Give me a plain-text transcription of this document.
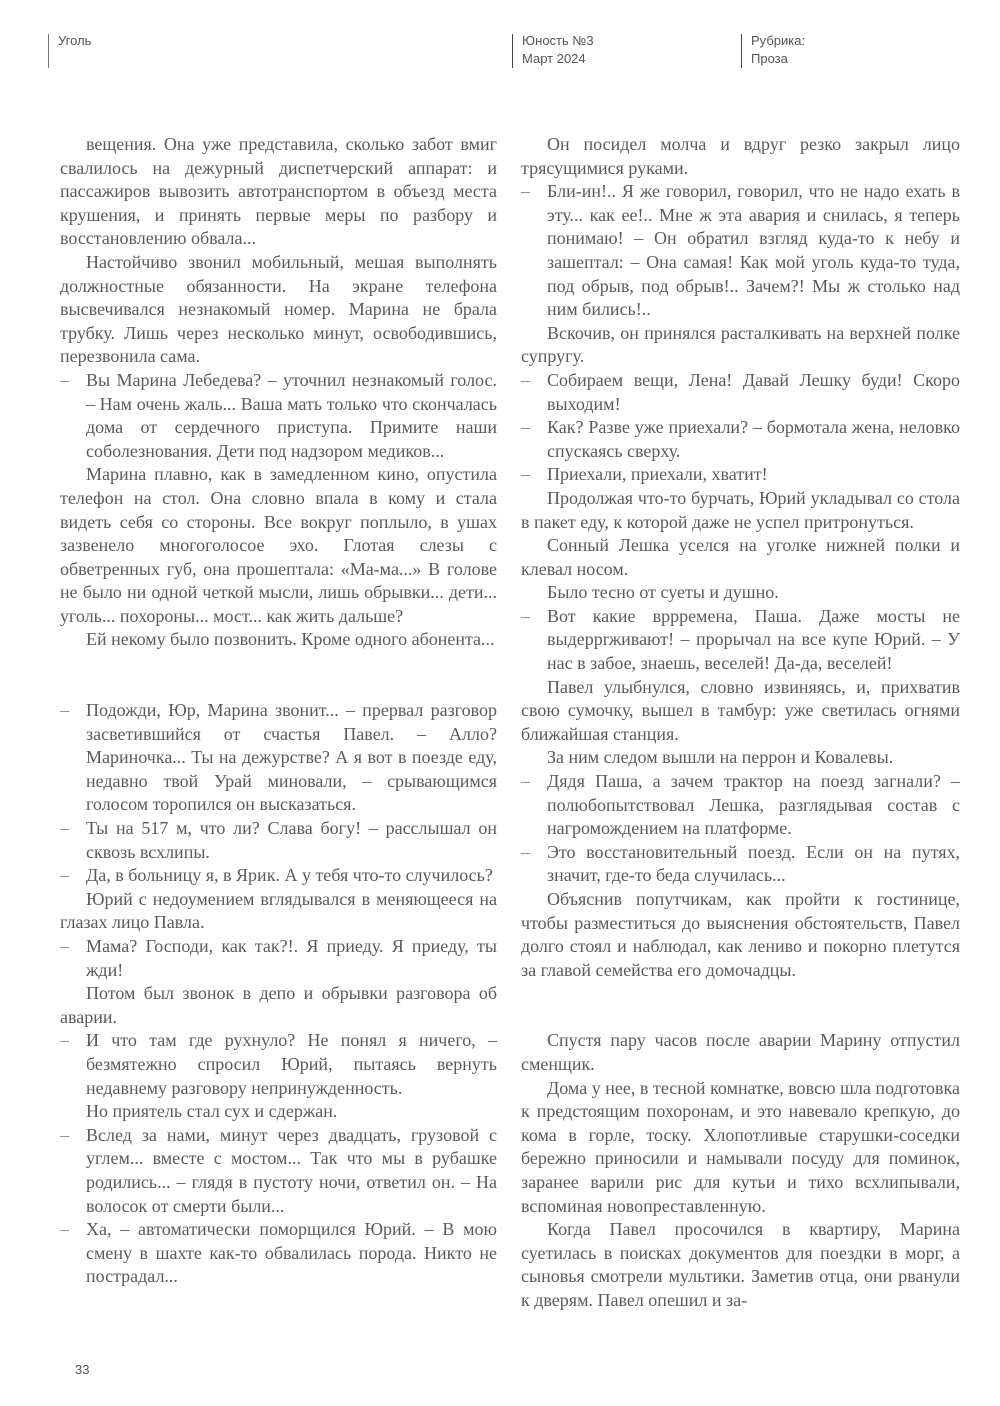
Уголь	Юность №3
Март 2024
Рубрика:
Проза
вещения. Она уже представила, сколько забот вмиг свалилось на дежурный диспетчерский аппарат: и пассажиров вывозить автотранспортом в объезд места крушения, и принять первые меры по разбору и восстановлению обвала...
Настойчиво звонил мобильный, мешая выполнять должностные обязанности. На экране телефона высвечивался незнакомый номер. Марина не брала трубку. Лишь через несколько минут, освободившись, перезвонила сама.
– Вы Марина Лебедева? – уточнил незнакомый голос. – Нам очень жаль... Ваша мать только что скончалась дома от сердечного приступа. Примите наши соболезнования. Дети под надзором медиков...
Марина плавно, как в замедленном кино, опустила телефон на стол. Она словно впала в кому и стала видеть себя со стороны. Все вокруг поплыло, в ушах зазвенело многоголосое эхо. Глотая слезы с обветренных губ, она прошептала: «Ма-ма...» В голове не было ни одной четкой мысли, лишь обрывки... дети... уголь... похороны... мост... как жить дальше?
Ей некому было позвонить. Кроме одного абонента...
– Подожди, Юр, Марина звонит... – прервал разговор засветившийся от счастья Павел. – Алло? Мариночка... Ты на дежурстве? А я вот в поезде еду, недавно твой Урай миновали, – срывающимся голосом торопился он высказаться.
– Ты на 517 м, что ли? Слава богу! – расслышал он сквозь всхлипы.
– Да, в больницу я, в Ярик. А у тебя что-то случилось?
Юрий с недоумением вглядывался в меняющееся на глазах лицо Павла.
– Мама? Господи, как так?!. Я приеду. Я приеду, ты жди!
Потом был звонок в депо и обрывки разговора об аварии.
– И что там где рухнуло? Не понял я ничего, – безмятежно спросил Юрий, пытаясь вернуть недавнему разговору непринужденность.
Но приятель стал сух и сдержан.
– Вслед за нами, минут через двадцать, грузовой с углем... вместе с мостом... Так что мы в рубашке родились... – глядя в пустоту ночи, ответил он. – На волосок от смерти были...
– Ха, – автоматически поморщился Юрий. – В мою смену в шахте как-то обвалилась порода. Никто не пострадал...
Он посидел молча и вдруг резко закрыл лицо трясущимися руками.
– Бли-ин!.. Я же говорил, говорил, что не надо ехать в эту... как ее!.. Мне ж эта авария и снилась, я теперь понимаю! – Он обратил взгляд куда-то к небу и зашептал: – Она самая! Как мой уголь куда-то туда, под обрыв, под обрыв!.. Зачем?! Мы ж столько над ним бились!..
Вскочив, он принялся расталкивать на верхней полке супругу.
– Собираем вещи, Лена! Давай Лешку буди! Скоро выходим!
– Как? Разве уже приехали? – бормотала жена, неловко спускаясь сверху.
– Приехали, приехали, хватит!
Продолжая что-то бурчать, Юрий укладывал со стола в пакет еду, к которой даже не успел притронуться.
Сонный Лешка уселся на уголке нижней полки и клевал носом.
Было тесно от суеты и душно.
– Вот какие вррремена, Паша. Даже мосты не выдеррrживают! – прорычал на все купе Юрий. – У нас в забое, знаешь, веселей! Да-да, веселей!
Павел улыбнулся, словно извиняясь, и, прихватив свою сумочку, вышел в тамбур: уже светилась огнями ближайшая станция.
За ним следом вышли на перрон и Ковалевы.
– Дядя Паша, а зачем трактор на поезд загнали? – полюбопытствовал Лешка, разглядывая состав с нагромождением на платформе.
– Это восстановительный поезд. Если он на путях, значит, где-то беда случилась...
Объяснив попутчикам, как пройти к гостинице, чтобы разместиться до выяснения обстоятельств, Павел долго стоял и наблюдал, как лениво и покорно плетутся за главой семейства его домочадцы.
Спустя пару часов после аварии Марину отпустил сменщик.
Дома у нее, в тесной комнатке, вовсю шла подготовка к предстоящим похоронам, и это навевало крепкую, до кома в горле, тоску. Хлопотливые старушки-соседки бережно приносили и намывали посуду для поминок, заранее варили рис для кутьи и тихо всхлипывали, вспоминая новопреставленную.
Когда Павел просочился в квартиру, Марина суетилась в поисках документов для поездки в морг, а сыновья смотрели мультики. Заметив отца, они рванули к дверям. Павел опешил и за-
33
